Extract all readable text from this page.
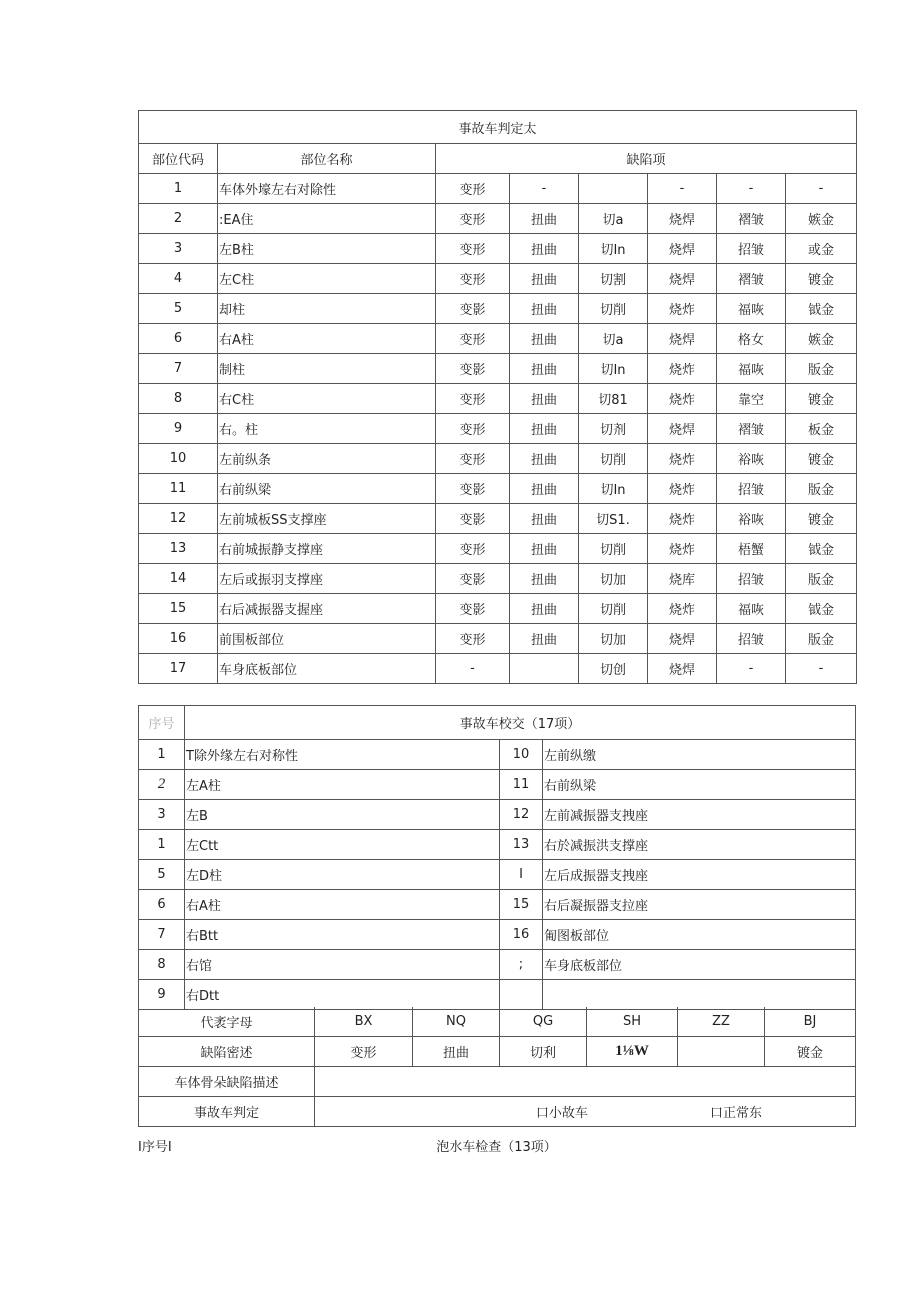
事故车判定太							
部位代码	部位名称	缺陷项					
1	车体外壕左右对除性	变形	-		-	-	-
2	:EA住	变形	扭曲	切a	烧焊	褶皱	嫉金
3	左B柱	变形	扭曲	切In	烧焊	招皱	或金
4	左C柱	变形	扭曲	切割	烧焊	褶皱	镀金
5	却柱	变影	扭曲	切削	烧炸	福咴	钺金
6	右A柱	变形	扭曲	切a	烧焊	格女	嫉金
7	制柱	变影	扭曲	切In	烧炸	福咴	版金
8	右C柱	变形	扭曲	切81	烧炸	靠空	镀金
9	右。柱	变形	扭曲	切剂	烧焊	褶皱	板金
10	左前纵条	变形	扭曲	切削	烧炸	裕咴	镀金
11	右前纵梁	变影	扭曲	切In	烧炸	招皱	版金
12	左前城板SS支撑座	变影	扭曲	切S1.	烧炸	裕咴	镀金
13	右前城振静支撑座	变形	扭曲	切削	烧炸	梧蟹	钺金
14	左后或振羽支撑座	变影	扭曲	切加	烧库	招皱	版金
15	右后减振器支握座	变影	扭曲	切削	烧炸	福咴	钺金
16	前围板部位	变形	扭曲	切加	烧焊	招皱	版金
17	车身底板部位	-		切创	烧焊	-	-
序号	事故车校交（17项）		
1	T除外缘左右对称性	10	左前纵缴
2	左A柱	11	右前纵梁
3	左B	12	左前减振器支拽座
1	左Ctt	13	右於减振洪支撑座
5	左D柱	I	左后成振器支拽座
6	右A柱	15	右后凝振器支拉座
7	右Btt	16	匍图板部位
8	右馆	;	车身底板部位
9	右Dtt		
代袤字母	BX	NQ	QG	SH	ZZ	BJ
缺陷密述	变形	扭曲	切利	1⅛W		镀金
车体骨朵缺陷描述						
事故车判定	口小故车 口正常东					
I序号I	泡水车检查（13项）
